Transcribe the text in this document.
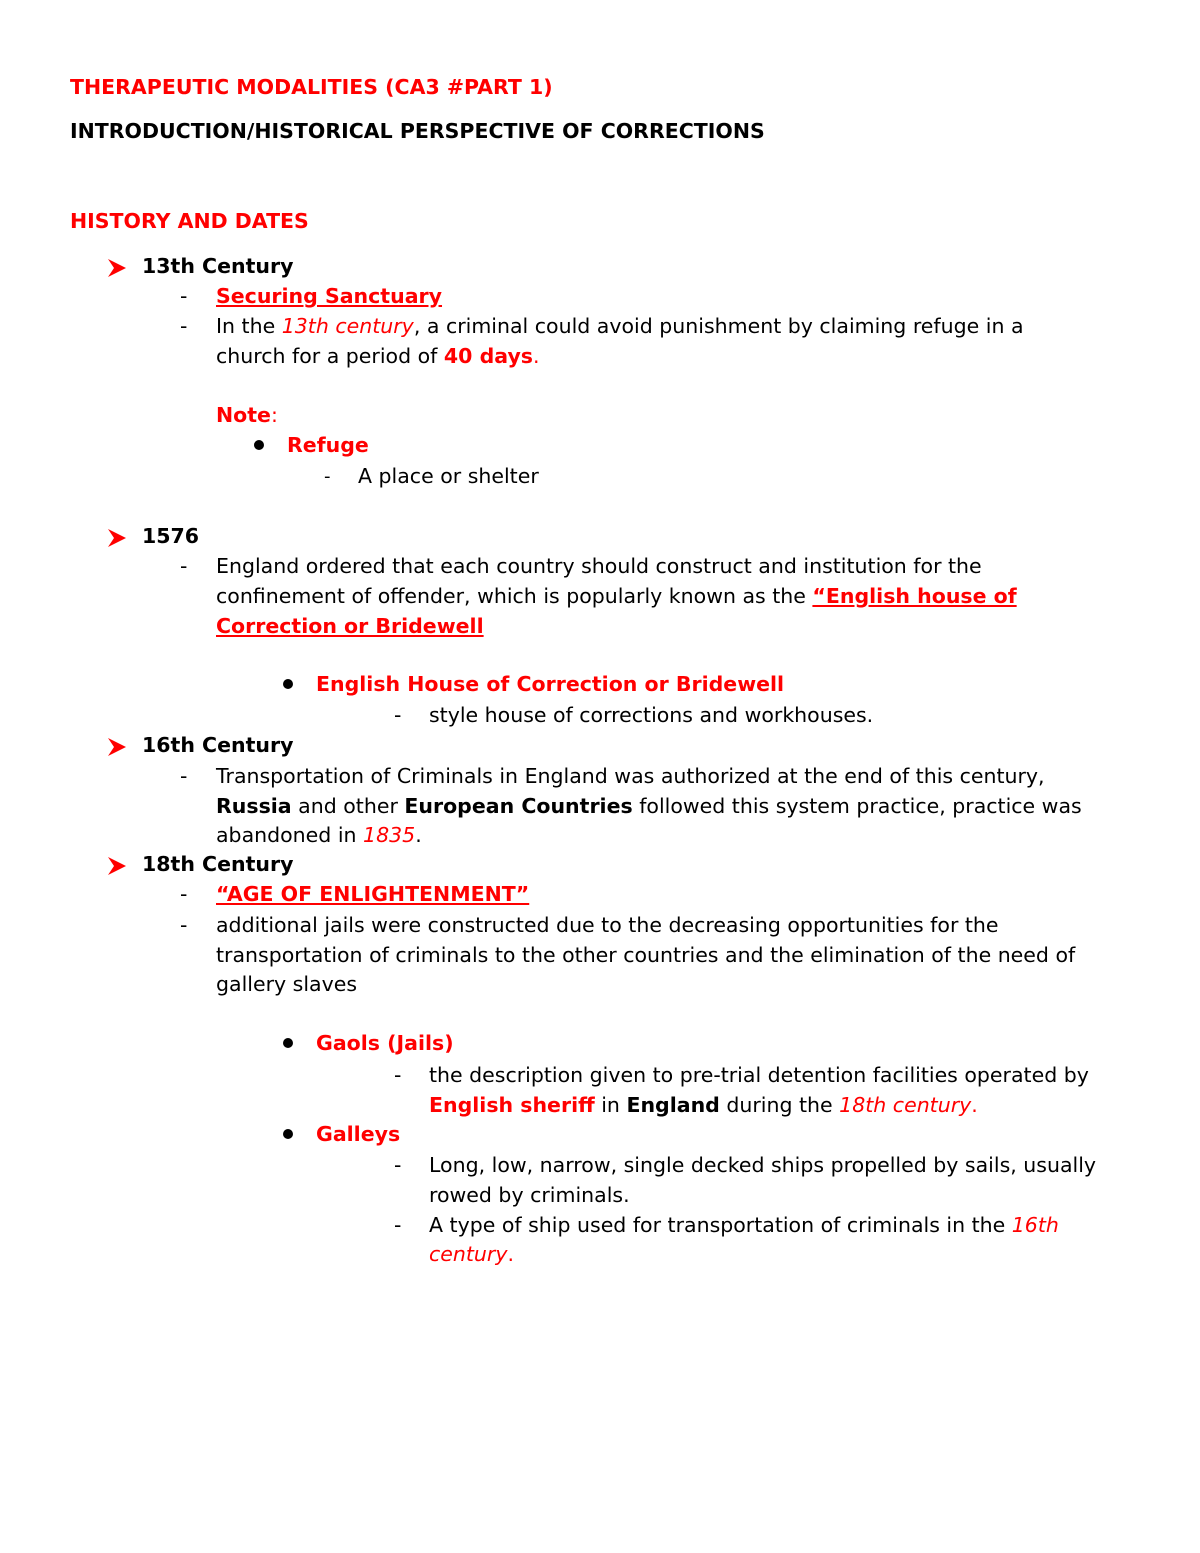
THERAPEUTIC MODALITIES (CA3 #PART 1)
INTRODUCTION/HISTORICAL PERSPECTIVE OF CORRECTIONS
HISTORY AND DATES
13th Century
- Securing Sanctuary
- In the 13th century, a criminal could avoid punishment by claiming refuge in a
church for a period of 40 days.
Note:
Refuge
- A place or shelter
1576
- England ordered that each country should construct and institution for the
confinement of offender, which is popularly known as the “English house of
Correction or Bridewell
English House of Correction or Bridewell
- style house of corrections and workhouses.
16th Century
- Transportation of Criminals in England was authorized at the end of this century,
Russia and other European Countries followed this system practice, practice was
abandoned in 1835.
18th Century
- “AGE OF ENLIGHTENMENT”
- additional jails were constructed due to the decreasing opportunities for the
transportation of criminals to the other countries and the elimination of the need of
gallery slaves
Gaols (Jails)
- the description given to pre-trial detention facilities operated by
English sheriff in England during the 18th century.
Galleys
- Long, low, narrow, single decked ships propelled by sails, usually
rowed by criminals.
- A type of ship used for transportation of criminals in the 16th
century.
